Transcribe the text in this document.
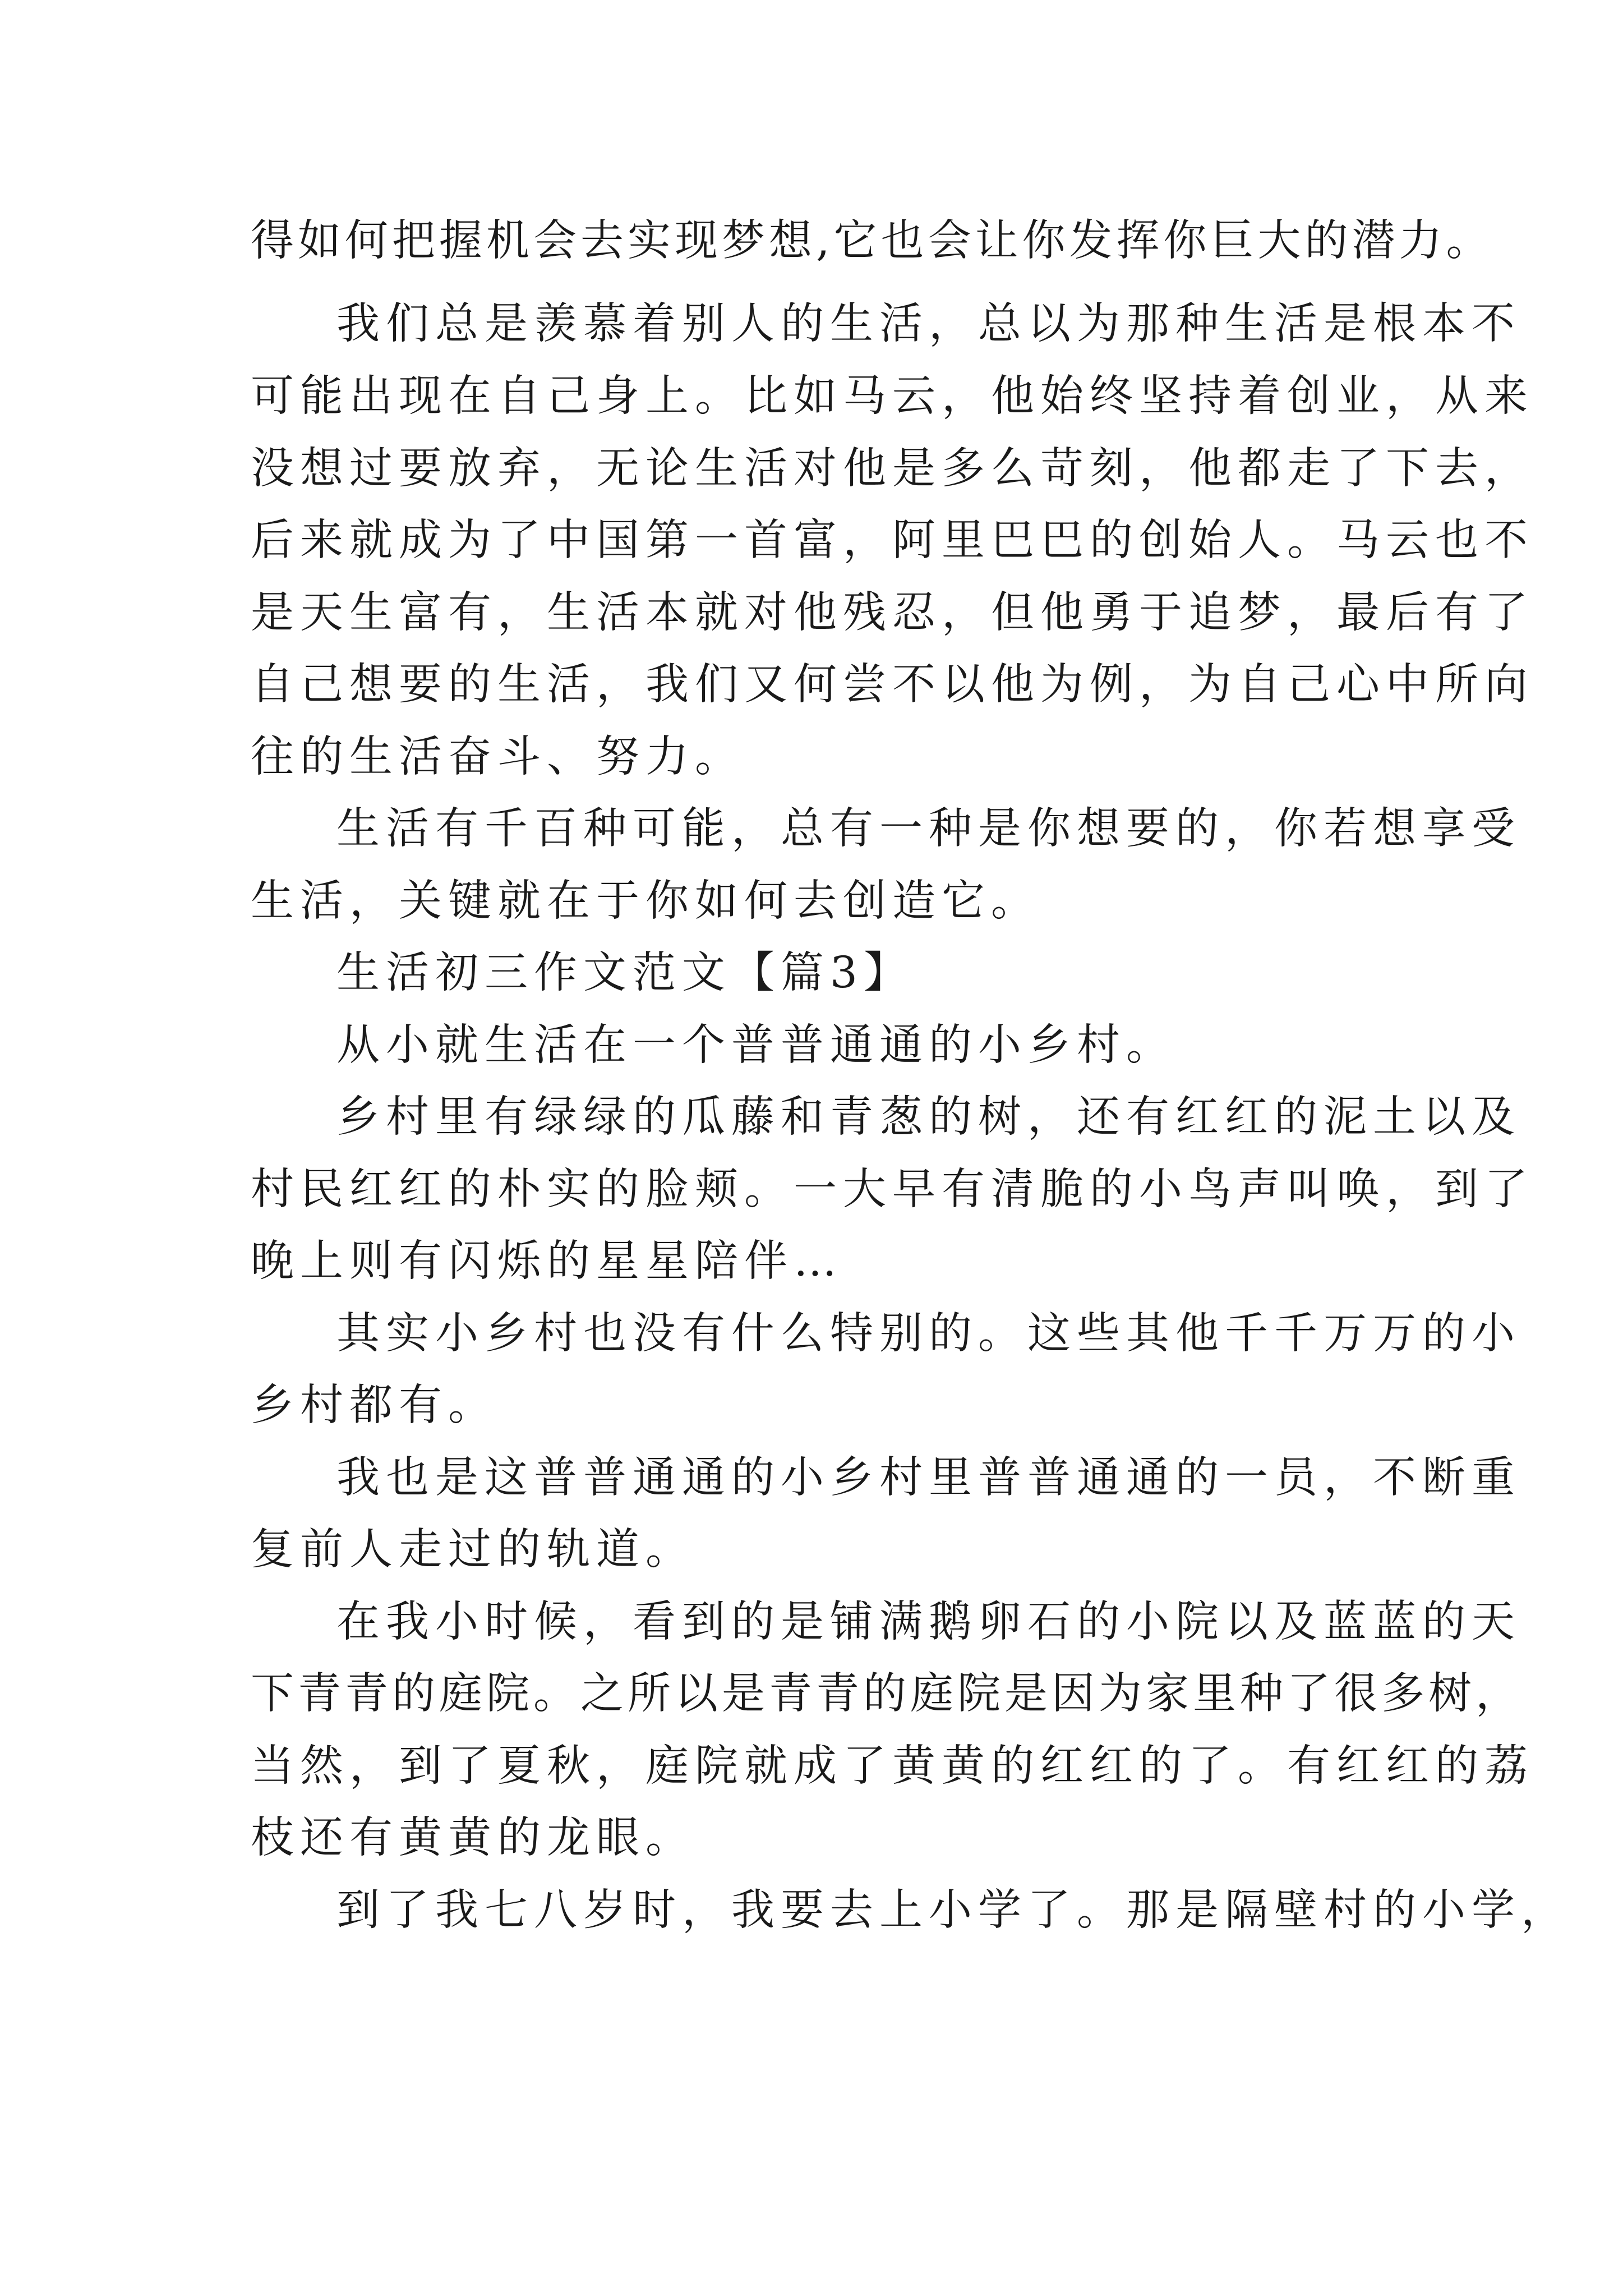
得如何把握机会去实现梦想,它也会让你发挥你巨大的潜力。
我们总是羡慕着别人的生活，总以为那种生活是根本不
可能出现在自己身上。比如马云，他始终坚持着创业，从来
没想过要放弃，无论生活对他是多么苛刻，他都走了下去，
后来就成为了中国第一首富，阿里巴巴的创始人。马云也不
是天生富有，生活本就对他残忍，但他勇于追梦，最后有了
自己想要的生活，我们又何尝不以他为例，为自己心中所向
往的生活奋斗、努力。
生活有千百种可能，总有一种是你想要的，你若想享受
生活，关键就在于你如何去创造它。
生活初三作文范文【篇3】
从小就生活在一个普普通通的小乡村。
乡村里有绿绿的瓜藤和青葱的树，还有红红的泥土以及
村民红红的朴实的脸颊。一大早有清脆的小鸟声叫唤，到了
晚上则有闪烁的星星陪伴…
其实小乡村也没有什么特别的。这些其他千千万万的小
乡村都有。
我也是这普普通通的小乡村里普普通通的一员，不断重
复前人走过的轨道。
在我小时候，看到的是铺满鹅卵石的小院以及蓝蓝的天
下青青的庭院。之所以是青青的庭院是因为家里种了很多树，
当然，到了夏秋，庭院就成了黄黄的红红的了。有红红的荔
枝还有黄黄的龙眼。
到了我七八岁时，我要去上小学了。那是隔壁村的小学，
